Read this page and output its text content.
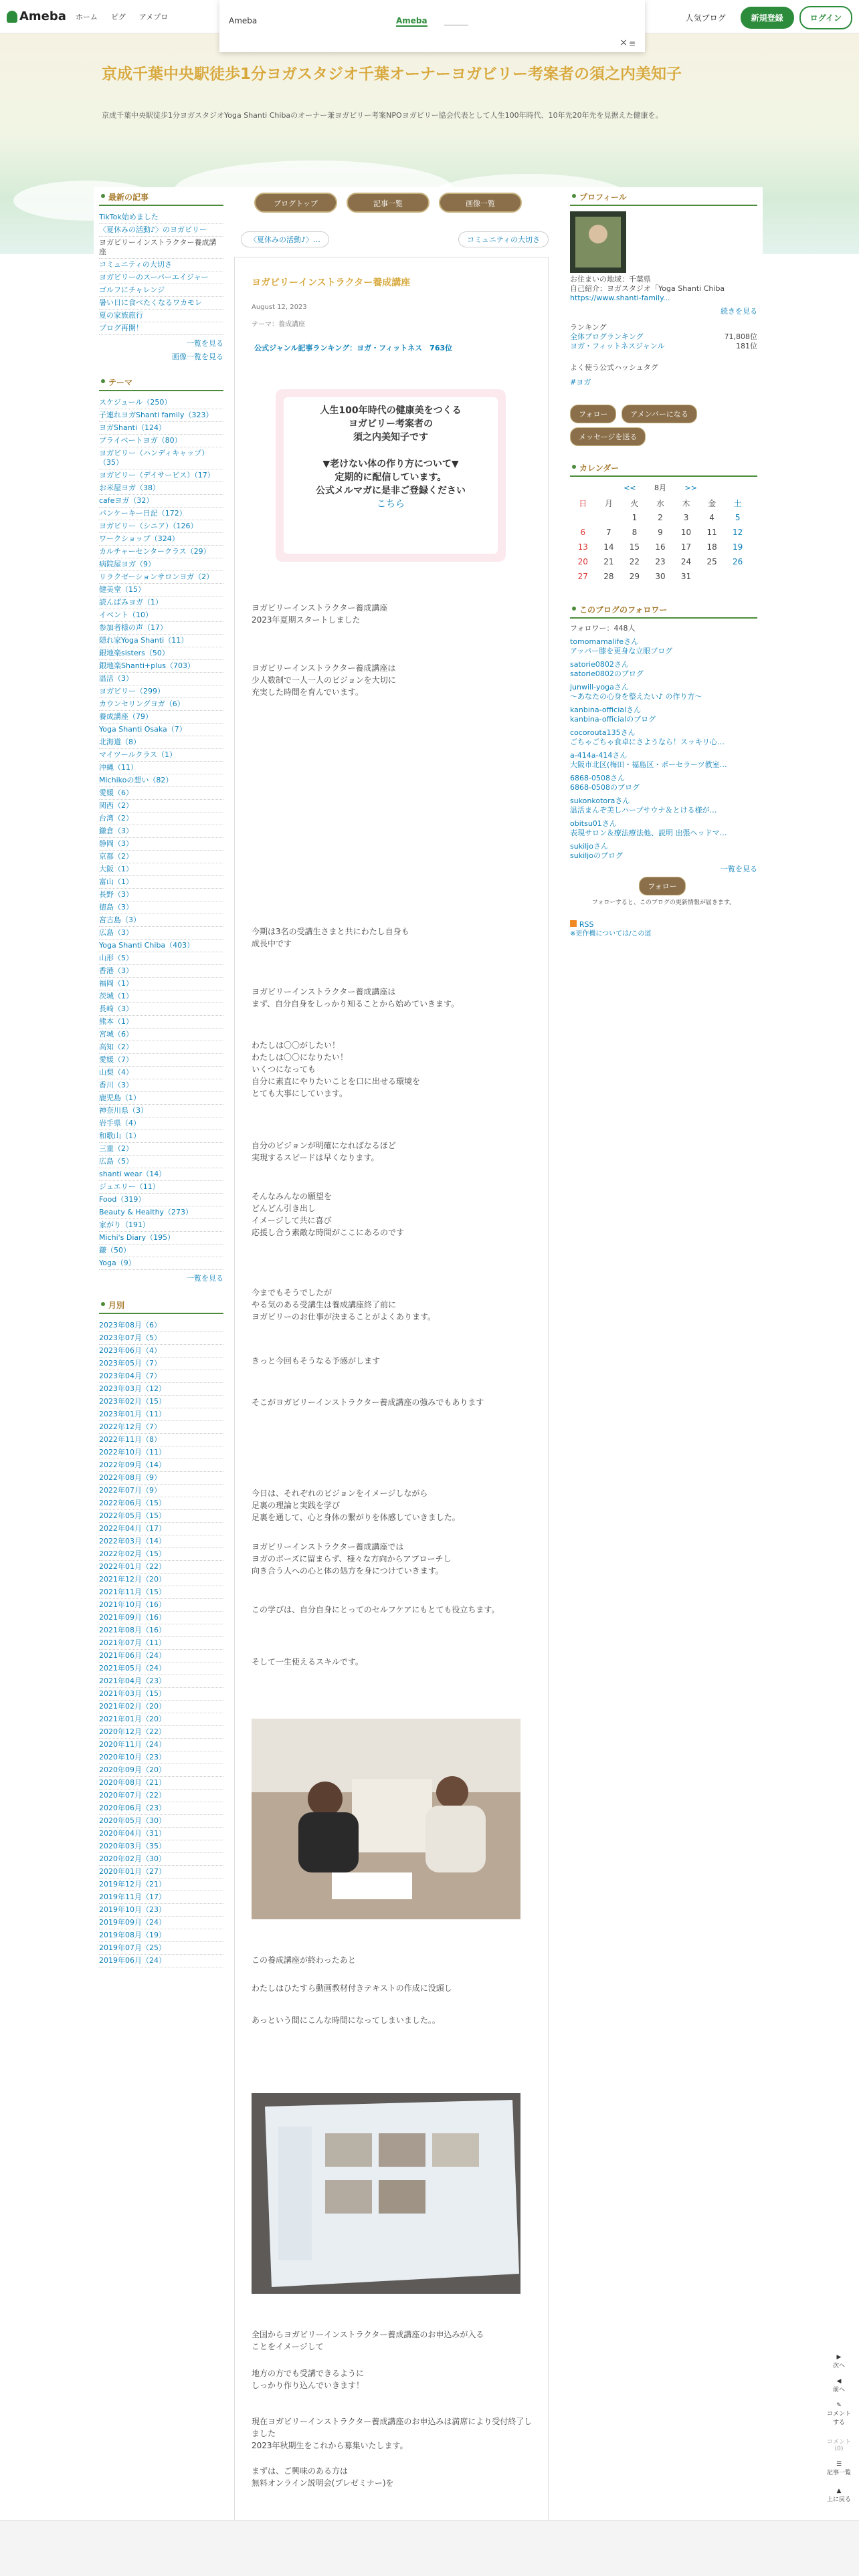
Ameba ホーム ピグ アメプロ	人気ブログ	新規登録	ログイン
Ameba	Ameba
× ≡
京成千葉中央駅徒歩1分ヨガスタジオ千葉オーナーヨガビリー考案者の須之内美知子
京成千葉中央駅徒歩1分ヨガスタジオYoga Shanti Chibaのオーナー兼ヨガビリー考案NPOヨガビリー協会代表として人生100年時代、10年先20年先を見据えた健康を。
ブログトップ	記事一覧	画像一覧
最新の記事
TikTok始めました
〈夏休みの活動♪〉のヨガビリー
ヨガビリーインストラクター養成講座
コミュニティの大切さ
ヨガビリーのスーパーエイジャー
ゴルフにチャレンジ
暑い日に食べたくなるワカモレ
夏の家族旅行
ブログ再開！
一覧を見る
画像一覧を見る
テーマ
スケジュール（250）
子連れヨガShanti family（323）
ヨガShanti（124）
プライベートヨガ（80）
ヨガビリー（ハンディキャップ）（35）
ヨガビリー（デイサービス）（17）
お米屋ヨガ（38）
cafeヨガ（32）
パンケーキー日記（172）
ヨガビリー（シニア）（126）
ワークショップ（324）
カルチャーセンタークラス（29）
病院屋ヨガ（9）
リラクゼーションサロンヨガ（2）
健美堂（15）
読んばみヨガ（1）
イベント（10）
参加者様の声（17）
隠れ家Yoga Shanti（11）
銀地楽sisters（50）
銀地楽Shanti+plus（703）
温活（3）
ヨガビリー（299）
カウンセリングヨガ（6）
養成講座（79）
Yoga Shanti Osaka（7）
北海道（8）
マイツールクラス（1）
沖縄（11）
Michikoの想い（82）
愛媛（6）
関西（2）
台湾（2）
鎌倉（3）
静岡（3）
京都（2）
大阪（1）
富山（1）
長野（3）
徳島（3）
宮古島（3）
広島（3）
Yoga Shanti Chiba（403）
山形（5）
香港（3）
福岡（1）
茨城（1）
長崎（3）
熊本（1）
宮城（6）
高知（2）
愛媛（7）
山梨（4）
香川（3）
鹿児島（1）
神奈川県（3）
岩手県（4）
和歌山（1）
三重（2）
広島（5）
shanti wear（14）
ジュエリー（11）
Food（319）
Beauty & Healthy（273）
家がり（191）
Michi's Diary（195）
鎌（50）
Yoga（9）
一覧を見る
月別
2023年08月（6）
2023年07月（5）
2023年06月（4）
2023年05月（7）
2023年04月（7）
2023年03月（12）
2023年02月（15）
2023年01月（11）
2022年12月（7）
2022年11月（8）
2022年10月（11）
2022年09月（14）
2022年08月（9）
2022年07月（9）
2022年06月（15）
2022年05月（15）
2022年04月（17）
2022年03月（14）
2022年02月（15）
2022年01月（22）
2021年12月（20）
2021年11月（15）
2021年10月（16）
2021年09月（16）
2021年08月（16）
2021年07月（11）
2021年06月（24）
2021年05月（24）
2021年04月（23）
2021年03月（15）
2021年02月（20）
2021年01月（20）
2020年12月（22）
2020年11月（24）
2020年10月（23）
2020年09月（20）
2020年08月（21）
2020年07月（22）
2020年06月（23）
2020年05月（30）
2020年04月（31）
2020年03月（35）
2020年02月（30）
2020年01月（27）
2019年12月（21）
2019年11月（17）
2019年10月（23）
2019年09月（24）
2019年08月（19）
2019年07月（25）
2019年06月（24）
〈夏休みの活動♪〉…	コミュニティの大切さ
ヨガビリーインストラクター養成講座
August 12, 2023
テーマ：養成講座
公式ジャンル記事ランキング：ヨガ・フィットネス　763位
人生100年時代の健康美をつくる
ヨガビリー考案者の
須之内美知子です
▼老けない体の作り方について▼
定期的に配信しています。
公式メルマガに是非ご登録ください
こちら
ヨガビリーインストラクター養成講座
2023年夏期スタートしました
ヨガビリーインストラクター養成講座は
少人数制で一人一人のビジョンを大切に
充実した時間を育んでいます。
今期は3名の受講生さまと共にわたし自身も
成長中です
ヨガビリーインストラクター養成講座は
まず、自分自身をしっかり知ることから始めていきます。
わたしは〇〇がしたい！
わたしは〇〇になりたい！
いくつになっても
自分に素直にやりたいことを口に出せる環境を
とても大事にしています。
自分のビジョンが明確になればなるほど
実現するスピードは早くなります。
そんなみんなの願望を
どんどん引き出し
イメージして共に喜び
応援し合う素敵な時間がここにあるのです
今までもそうでしたが
やる気のある受講生は養成講座終了前に
ヨガビリーのお仕事が決まることがよくあります。
きっと今回もそうなる予感がします
そこがヨガビリーインストラクター養成講座の強みでもあります
今日は、それぞれのビジョンをイメージしながら
足裏の理論と実践を学び
足裏を通して、心と身体の繋がりを体感していきました。
ヨガビリーインストラクター養成講座では
ヨガのポーズに留まらず、様々な方向からアプローチし
向き合う人への心と体の処方を身につけていきます。
この学びは、自分自身にとってのセルフケアにもとても役立ちます。
そして一生使えるスキルです。
この養成講座が終わったあと
わたしはひたすら動画教材付きテキストの作成に没頭し
あっという間にこんな時間になってしまいました。。
全国からヨガビリーインストラクター養成講座のお申込みが入る
ことをイメージして
地方の方でも受講できるように
しっかり作り込んでいきます！
現在ヨガビリーインストラクター養成講座のお申込みは満席により受付終了しました
2023年秋期生をこれから募集いたします。
まずは、ご興味のある方は
無料オンライン説明会(プレゼミナー)を
プロフィール
お住まいの地域：千葉県
自己紹介：ヨガスタジオ「Yoga Shanti Chiba
https://www.shanti-family...
続きを見る
ランキング
全体ブログランキング	71,808位
ヨガ・フィットネスジャンル	181位
よく使う公式ハッシュタグ
#ヨガ
フォロー	アメンバーになる
メッセージを送る
カレンダー
<<	8月	>>
日	月	火	水	木	金	土
		1	2	3	4	5
6	7	8	9	10	11	12
13	14	15	16	17	18	19
20	21	22	23	24	25	26
27	28	29	30	31		
このブログのフォロワー
フォロワー：448人
tomomamalifeさん
アッパー膝を更身な立眼ブログ
satorie0802さん
satorie0802のブログ
junwill-yogaさん
〜あなたの心身を整えたい♪ の作り方〜
kanbina-officialさん
kanbina-officialのブログ
cocorouta135さん
ごちゃごちゃ食卓にさようなら！スッキリ心…
a-414a-414さん
大阪市北区(梅田・福島区・ポーセラーツ教室…
6868-0508さん
6868-0508のブログ
sukonkotoraさん
温活まんぞ美しハーブサウナ＆とける様が…
obitsu01さん
表現サロン＆療法療法他、説明 出張ヘッドマ…
sukiljoさん
sukiljoのブログ
一覧を見る
フォロー
フォローすると、このブログの更新情報が届きます。
RSS
※更作機については/この道
▶
次へ
◀
前へ
✎
コメントする
コメント(0)
☰
記事一覧
▲
上に戻る
